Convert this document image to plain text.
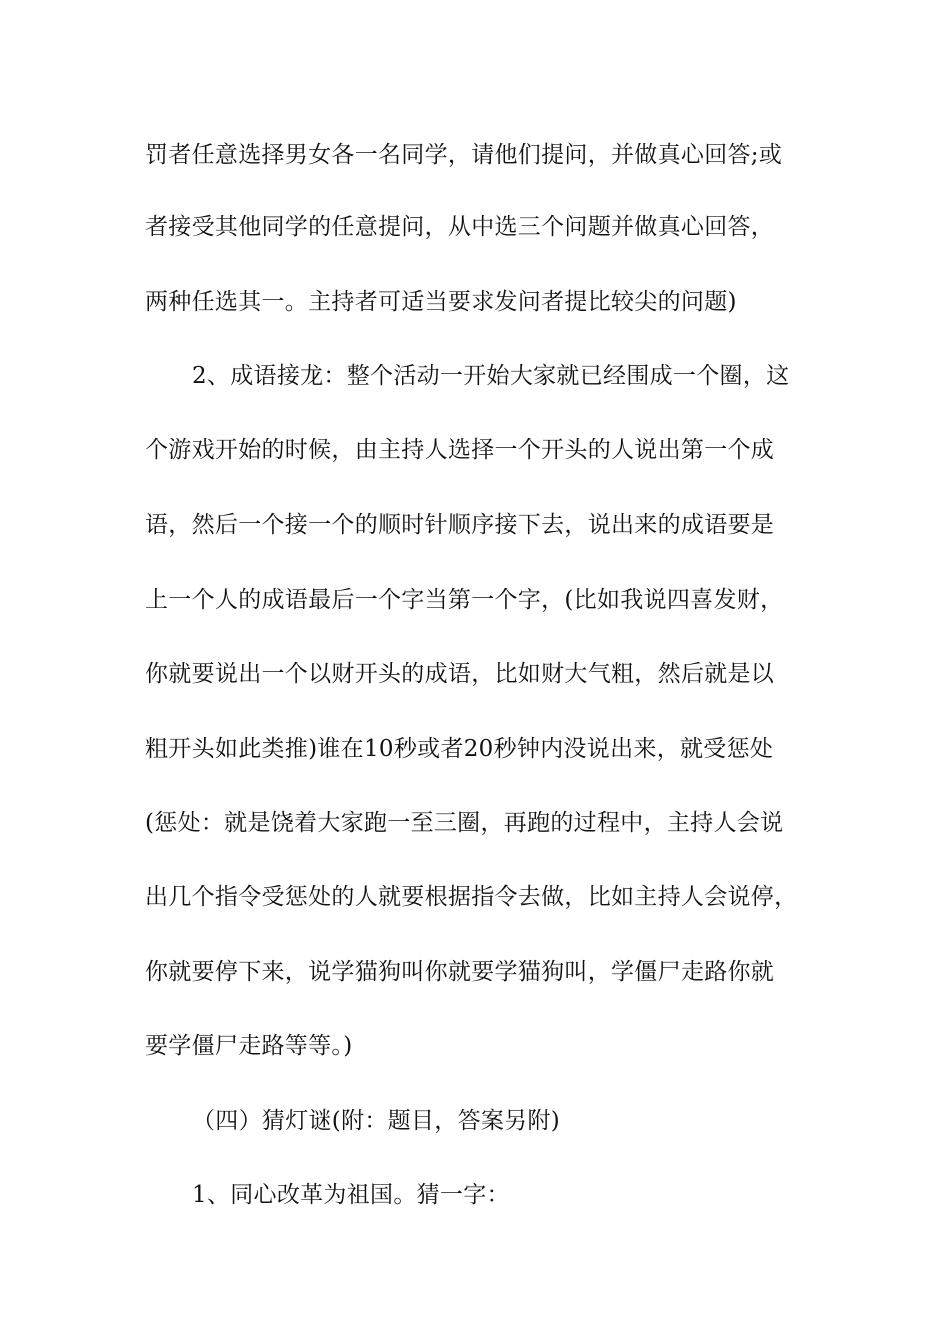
罚者任意选择男女各一名同学，请他们提问，并做真心回答;或
者接受其他同学的任意提问，从中选三个问题并做真心回答，
两种任选其一。主持者可适当要求发问者提比较尖的问题)
2、成语接龙：整个活动一开始大家就已经围成一个圈，这
个游戏开始的时候，由主持人选择一个开头的人说出第一个成
语，然后一个接一个的顺时针顺序接下去，说出来的成语要是
上一个人的成语最后一个字当第一个字，(比如我说四喜发财，
你就要说出一个以财开头的成语，比如财大气粗，然后就是以
粗开头如此类推)谁在10秒或者20秒钟内没说出来，就受惩处
(惩处：就是饶着大家跑一至三圈，再跑的过程中，主持人会说
出几个指令受惩处的人就要根据指令去做，比如主持人会说停，
你就要停下来，说学猫狗叫你就要学猫狗叫，学僵尸走路你就
要学僵尸走路等等。)
（四）猜灯谜(附：题目，答案另附)
1、同心改革为祖国。猜一字：
